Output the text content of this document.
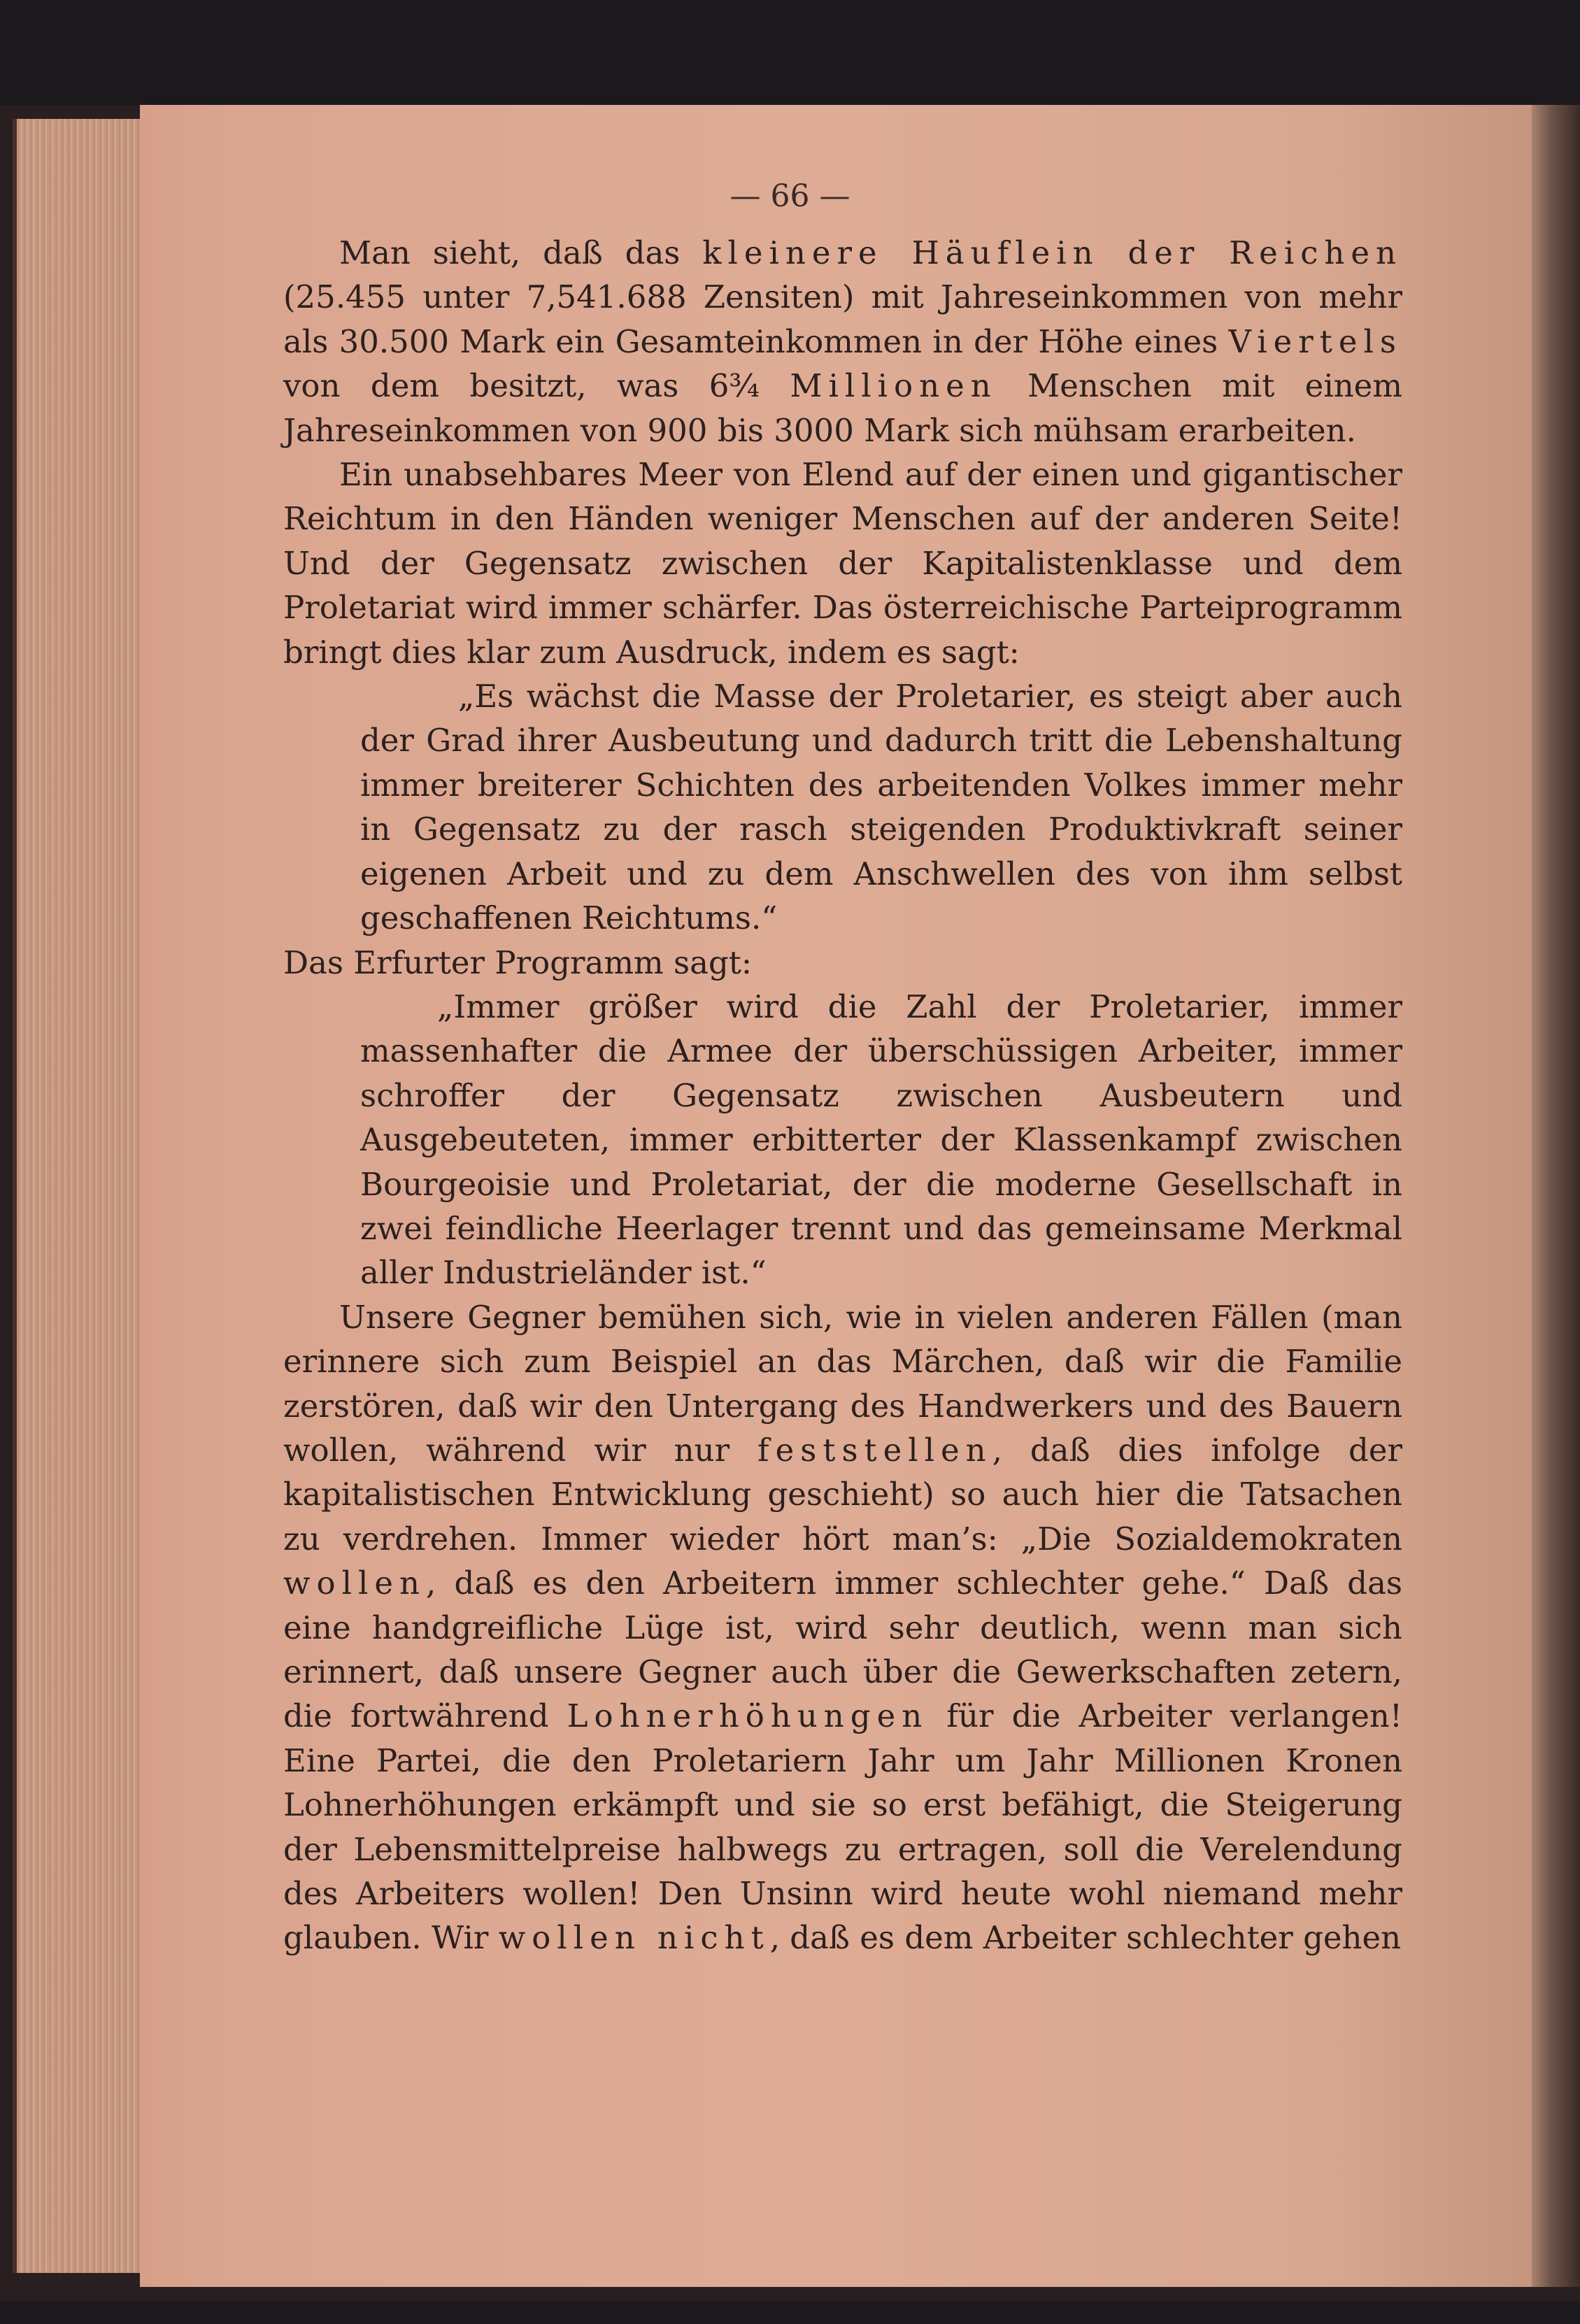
— 66 —

Man sieht, daß das kleinere Häuflein der Reichen (25.455 unter 7,541.688 Zensiten) mit Jahreseinkommen von mehr als 30.500 Mark ein Gesamteinkommen in der Höhe eines Viertels von dem besitzt, was 6¾ Millionen Menschen mit einem Jahreseinkommen von 900 bis 3000 Mark sich mühsam erarbeiten.

Ein unabsehbares Meer von Elend auf der einen und gigantischer Reichtum in den Händen weniger Menschen auf der anderen Seite! Und der Gegensatz zwischen der Kapitalistenklasse und dem Proletariat wird immer schärfer. Das österreichische Parteiprogramm bringt dies klar zum Ausdruck, indem es sagt:

„Es wächst die Masse der Proletarier, es steigt aber auch der Grad ihrer Ausbeutung und dadurch tritt die Lebenshaltung immer breiterer Schichten des arbeitenden Volkes immer mehr in Gegensatz zu der rasch steigenden Produktivkraft seiner eigenen Arbeit und zu dem Anschwellen des von ihm selbst geschaffenen Reichtums.“

Das Erfurter Programm sagt:

„Immer größer wird die Zahl der Proletarier, immer massenhafter die Armee der überschüssigen Arbeiter, immer schroffer der Gegensatz zwischen Ausbeutern und Ausgebeuteten, immer erbitterter der Klassenkampf zwischen Bourgeoisie und Proletariat, der die moderne Gesellschaft in zwei feindliche Heerlager trennt und das gemeinsame Merkmal aller Industrieländer ist.“

Unsere Gegner bemühen sich, wie in vielen anderen Fällen (man erinnere sich zum Beispiel an das Märchen, daß wir die Familie zerstören, daß wir den Untergang des Handwerkers und des Bauern wollen, während wir nur feststellen, daß dies infolge der kapitalistischen Entwicklung geschieht) so auch hier die Tatsachen zu verdrehen. Immer wieder hört man’s: „Die Sozialdemokraten wollen, daß es den Arbeitern immer schlechter gehe.“ Daß das eine handgreifliche Lüge ist, wird sehr deutlich, wenn man sich erinnert, daß unsere Gegner auch über die Gewerkschaften zetern, die fortwährend Lohnerhöhungen für die Arbeiter verlangen! Eine Partei, die den Proletariern Jahr um Jahr Millionen Kronen Lohnerhöhungen erkämpft und sie so erst befähigt, die Steigerung der Lebensmittelpreise halbwegs zu ertragen, soll die Verelendung des Arbeiters wollen! Den Unsinn wird heute wohl niemand mehr glauben. Wir wollen nicht, daß es dem Arbeiter schlechter gehen
